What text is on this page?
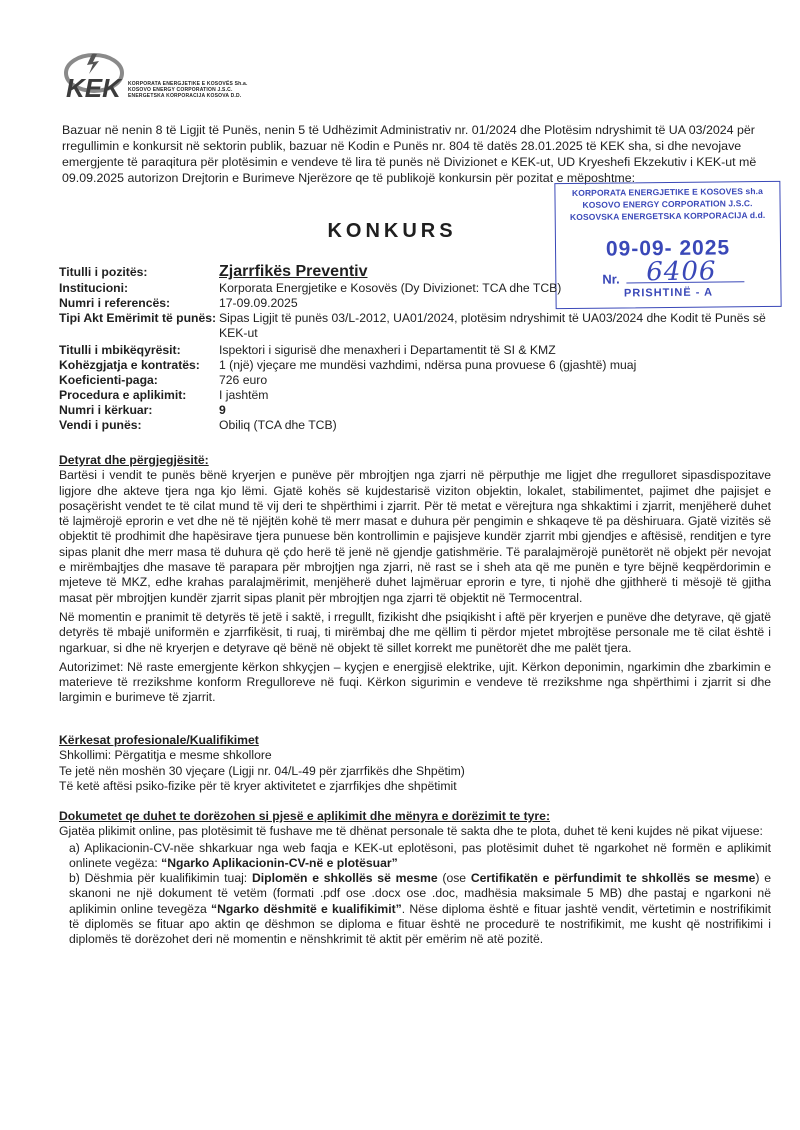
KEK	KORPORATA ENERGJETIKE E KOSOVËS Sh.a.
KOSOVO ENERGY CORPORATION J.S.C.
ENERGETSKA KORPORACIJA KOSOVA D.D.
Bazuar në nenin 8 të Ligjit të Punës, nenin 5 të Udhëzimit Administrativ nr. 01/2024 dhe Plotësim ndryshimit të UA 03/2024 për rregullimin e konkursit në sektorin publik, bazuar në Kodin e Punës nr. 804 të datës 28.01.2025 të KEK sha, si dhe nevojave emergjente të paraqitura për plotësimin e vendeve të lira të punës në Divizionet e KEK-ut, UD Kryeshefi Ekzekutiv i KEK-ut më 09.09.2025 autorizon Drejtorin e Burimeve Njerëzore qe të publikojë konkursin për pozitat e mëposhtme:
KORPORATA ENERGJETIKE E KOSOVES sh.a
KOSOVO ENERGY CORPORATION J.S.C.
KOSOVSKA ENERGETSKA KORPORACIJA d.d.
09-09- 2025
Nr. 6406
PRISHTINË - A
KONKURS
Titulli i pozitës:	Zjarrfikës Preventiv
Institucioni:	Korporata Energjetike e Kosovës (Dy Divizionet: TCA dhe TCB)
Numri i referencës:	17-09.09.2025
Tipi Akt Emërimit të punës: Sipas Ligjit të punës 03/L-2012, UA01/2024, plotësim ndryshimit të UA03/2024 dhe Kodit të Punës së KEK-ut
Titulli i mbikëqyrësit:	Ispektori i sigurisë dhe menaxheri i Departamentit të SI & KMZ
Kohëzgjatja e kontratës: 1 (një) vjeçare me mundësi vazhdimi, ndërsa puna provuese 6 (gjashtë) muaj
Koeficienti-paga:	726 euro
Procedura e aplikimit:	I jashtëm
Numri i kërkuar:	9
Vendi i punës:	Obiliq (TCA dhe TCB)
Detyrat dhe përgjegjësitë:

Bartësi i vendit te punës bënë kryerjen e punëve për mbrojtjen nga zjarri në përputhje me ligjet dhe rregulloret sipasdispozitave ligjore dhe akteve tjera nga kjo lëmi. Gjatë kohës së kujdestarisë viziton objektin, lokalet, stabilimentet, pajimet dhe pajisjet e posaçërisht vendet te të cilat mund të vij deri te shpërthimi i zjarrit. Për të metat e vërejtura nga shkaktimi i zjarrit, menjëherë duhet të lajmërojë eprorin e vet dhe në të njëjtën kohë të merr masat e duhura për pengimin e shkaqeve të pa dëshiruara. Gjatë vizitës së objektit të prodhimit dhe hapësirave tjera punuese bën kontrollimin e pajisjeve kundër zjarrit mbi gjendjes e aftësisë, renditjen e tyre sipas planit dhe merr masa të duhura që çdo herë të jenë në gjendje gatishmërie. Të paralajmërojë punëtorët në objekt për nevojat e mirëmbajtjes dhe masave të parapara për mbrojtjen nga zjarri, në rast se i sheh ata që me punën e tyre bëjnë keqpërdorimin e mjeteve të MKZ, edhe krahas paralajmërimit, menjëherë duhet lajmëruar eprorin e tyre, ti njohë dhe gjithherë ti mësojë të gjitha masat për mbrojtjen kundër zjarrit sipas planit për mbrojtjen nga zjarri të objektit në Termocentral.

Në momentin e pranimit të detyrës të jetë i saktë, i rregullt, fizikisht dhe psiqikisht i aftë për kryerjen e punëve dhe detyrave, që gjatë detyrës të mbajë uniformën e zjarrfikësit, ti ruaj, ti mirëmbaj dhe me qëllim ti përdor mjetet mbrojtëse personale me të cilat është i ngarkuar, si dhe në kryerjen e detyrave që bënë në objekt të sillet korrekt me punëtorët dhe me palët tjera.

Autorizimet: Në raste emergjente kërkon shkyçjen – kyçjen e energjisë elektrike, ujit. Kërkon deponimin, ngarkimin dhe zbarkimin e materieve të rrezikshme konform Rregulloreve në fuqi. Kërkon sigurimin e vendeve të rrezikshme nga shpërthimi i zjarrit si dhe largimin e burimeve të zjarrit.

Kërkesat profesionale/Kualifikimet
Shkollimi: Përgatitja e mesme shkollore
Te jetë nën moshën 30 vjeçare (Ligji nr. 04/L-49 për zjarrfikës dhe Shpëtim)
Të ketë aftësi psiko-fizike për të kryer aktivitetet e zjarrfikjes dhe shpëtimit
Dokumetet qe duhet te dorëzohen si pjesë e aplikimit dhe mënyra e dorëzimit te tyre:

Gjatëa plikimit online, pas plotësimit të fushave me të dhënat personale të sakta dhe te plota, duhet të keni kujdes në pikat vijuese:

a) Aplikacionin-CV-nëe shkarkuar nga web faqja e KEK-ut eplotësoni, pas plotësimit duhet të ngarkohet në formën e aplikimit onlinete vegëza: “Ngarko Aplikacionin-CV-në e plotësuar”
b) Dëshmia për kualifikimin tuaj: Diplomën e shkollës së mesme (ose Certifikatën e përfundimit te shkollës se mesme) e skanoni ne një dokument të vetëm (formati .pdf ose .docx ose .doc, madhësia maksimale 5 MB) dhe pastaj e ngarkoni në aplikimin online tevegëza “Ngarko dëshmitë e kualifikimit”. Nëse diploma është e fituar jashtë vendit, vërtetimin e nostrifikimit të diplomës se fituar apo aktin qe dëshmon se diploma e fituar është ne procedurë te nostrifikimit, me kusht që nostrifikimi i diplomës të dorëzohet deri në momentin e nënshkrimit të aktit për emërim në atë pozitë.
